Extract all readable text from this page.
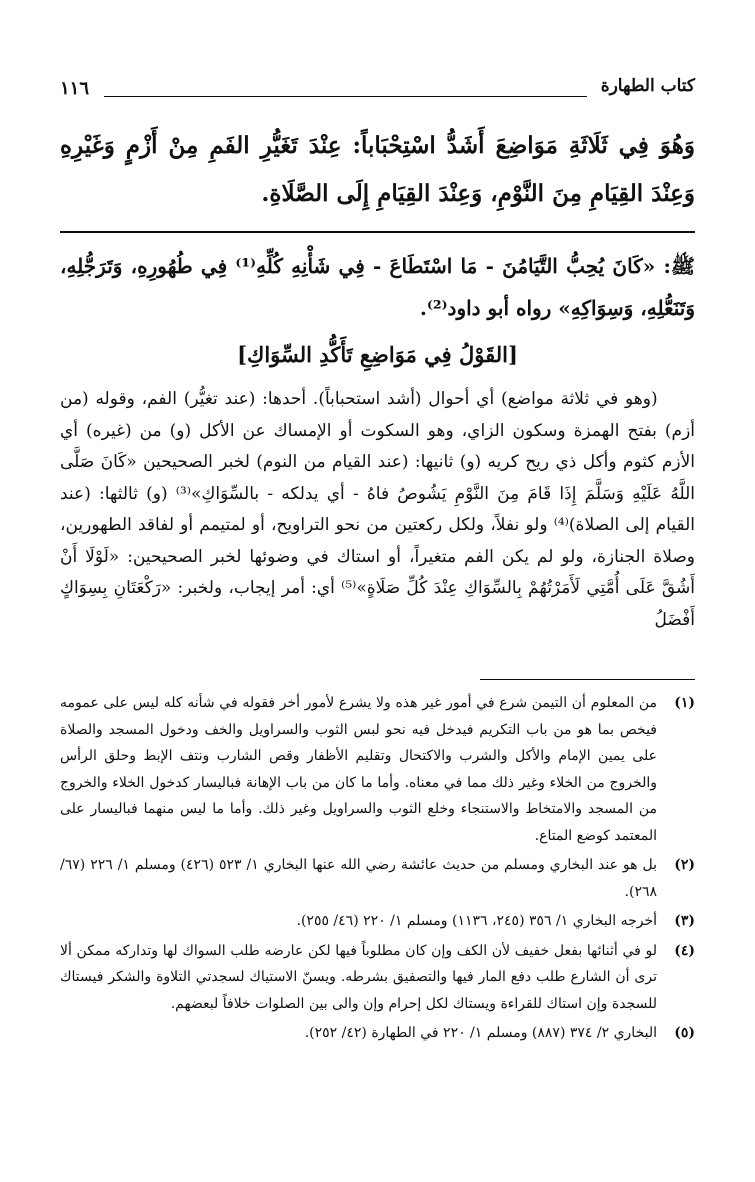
١١٦	كتاب الطهارة
وَهُوَ فِي ثَلَاثَةِ مَوَاضِعَ أَشَدُّ اسْتِحْبَاباً: عِنْدَ تَغَيُّرِ الفَمِ مِنْ أَزْمٍ وَغَيْرِهِ وَعِنْدَ القِيَامِ مِنَ النَّوْمِ، وَعِنْدَ القِيَامِ إِلَى الصَّلَاةِ.
ﷺ: «كَانَ يُحِبُّ التَّيَامُنَ - مَا اسْتَطَاعَ - فِي شَأْنِهِ كُلِّهِ⁽¹⁾ فِي طُهُورِهِ، وَتَرَجُّلِهِ، وَتَنَعُّلِهِ، وَسِوَاكِهِ» رواه أبو داود⁽²⁾.
[القَوْلُ فِي مَوَاضِعِ تَأَكُّدِ السِّوَاكِ]

(وهو في ثلاثة مواضع) أي أحوال (أشد استحباباً). أحدها: (عند تغيُّر) الفم، وقوله (من أزم) بفتح الهمزة وسكون الزاي، وهو السكوت أو الإمساك عن الأكل (و) من (غيره) أي الأزم كثوم وأكل ذي ريح كريه (و) ثانيها: (عند القيام من النوم) لخبر الصحيحين «كَانَ صَلَّى اللَّهُ عَلَيْهِ وَسَلَّمَ إِذَا قَامَ مِنَ النَّوْمِ يَشُوصُ فاهُ - أي يدلكه - بالسِّوَاكِ»⁽³⁾ (و) ثالثها: (عند القيام إلى الصلاة)⁽⁴⁾ ولو نفلاً، ولكل ركعتين من نحو التراويح، أو لمتيمم أو لفاقد الطهورين، وصلاة الجنازة، ولو لم يكن الفم متغيراً، أو استاك في وضوئها لخبر الصحيحين: «لَوْلَا أَنْ أَشُقَّ عَلَى أُمَّتِي لَأَمَرْتُهُمْ بِالسِّوَاكِ عِنْدَ كُلِّ صَلَاةٍ»⁽⁵⁾ أي: أمر إيجاب، ولخبر: «رَكْعَتَانِ بِسِوَاكٍ أَفْضَلُ

(١)
من المعلوم أن التيمن شرع في أمور غير هذه ولا يشرع لأمور أخر فقوله في شأنه كله ليس على عمومه فيخص بما هو من باب التكريم فيدخل فيه نحو لبس الثوب والسراويل والخف ودخول المسجد والصلاة على يمين الإمام والأكل والشرب والاكتحال وتقليم الأظفار وقص الشارب ونتف الإبط وحلق الرأس والخروج من الخلاء وغير ذلك مما في معناه. وأما ما كان من باب الإهانة فباليسار كدخول الخلاء والخروج من المسجد والامتخاط والاستنجاء وخلع الثوب والسراويل وغير ذلك. وأما ما ليس منهما فباليسار على المعتمد كوضع المتاع.
(٢)
بل هو عند البخاري ومسلم من حديث عائشة رضي الله عنها البخاري ١/ ٥٢٣ (٤٢٦) ومسلم ١/ ٢٢٦ (٦٧/ ٢٦٨).
(٣)
أخرجه البخاري ١/ ٣٥٦ (٢٤٥، ١١٣٦) ومسلم ١/ ٢٢٠ (٤٦/ ٢٥٥).
(٤)
لو في أثنائها بفعل خفيف لأن الكف وإن كان مطلوباً فيها لكن عارضه طلب السواك لها وتداركه ممكن ألا ترى أن الشارع طلب دفع المار فيها والتصفيق بشرطه. ويسنّ الاستياك لسجدتي التلاوة والشكر فيستاك للسجدة وإن استاك للقراءة ويستاك لكل إحرام وإن والى بين الصلوات خلافاً لبعضهم.
(٥)
البخاري ٢/ ٣٧٤ (٨٨٧) ومسلم ١/ ٢٢٠ في الطهارة (٤٢/ ٢٥٢).
